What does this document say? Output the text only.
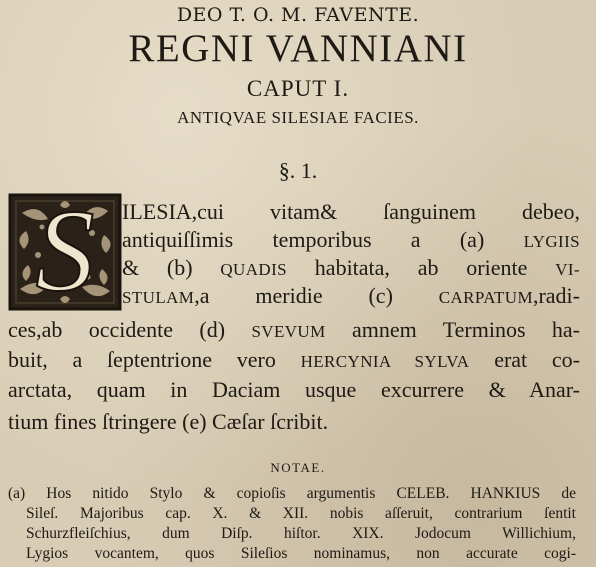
DEO T. O. M. FAVENTE.
REGNI VANNIANI
CAPUT I.
ANTIQVAE SILESIAE FACIES.
§. 1.
S	ILESIA,cui vitam& ſanguinem debeo,
antiquiſſimis temporibus a (a) LYGIIS
& (b) QUADIS habitata, ab oriente VI-
STULAM,a meridie (c) CARPATUM,radi-
ces,ab occidente (d) SVEVUM amnem Terminos ha-
buit, a ſeptentrione vero HERCYNIA SYLVA erat co-
arctata, quam in Daciam usque excurrere & Anar-
tium fines ſtringere (e) Cæſar ſcribit.
NOTAE.
(a) Hos nitido Stylo & copioſis argumentis CELEB. HANKIUS de
Sileſ. Majoribus cap. X. & XII. nobis aſſeruit, contrarium ſentit
Schurzfleiſchius, dum Diſp. hiſtor. XIX. Jodocum Willichium,
Lygios vocantem, quos Sileſios nominamus, non accurate cogi-
